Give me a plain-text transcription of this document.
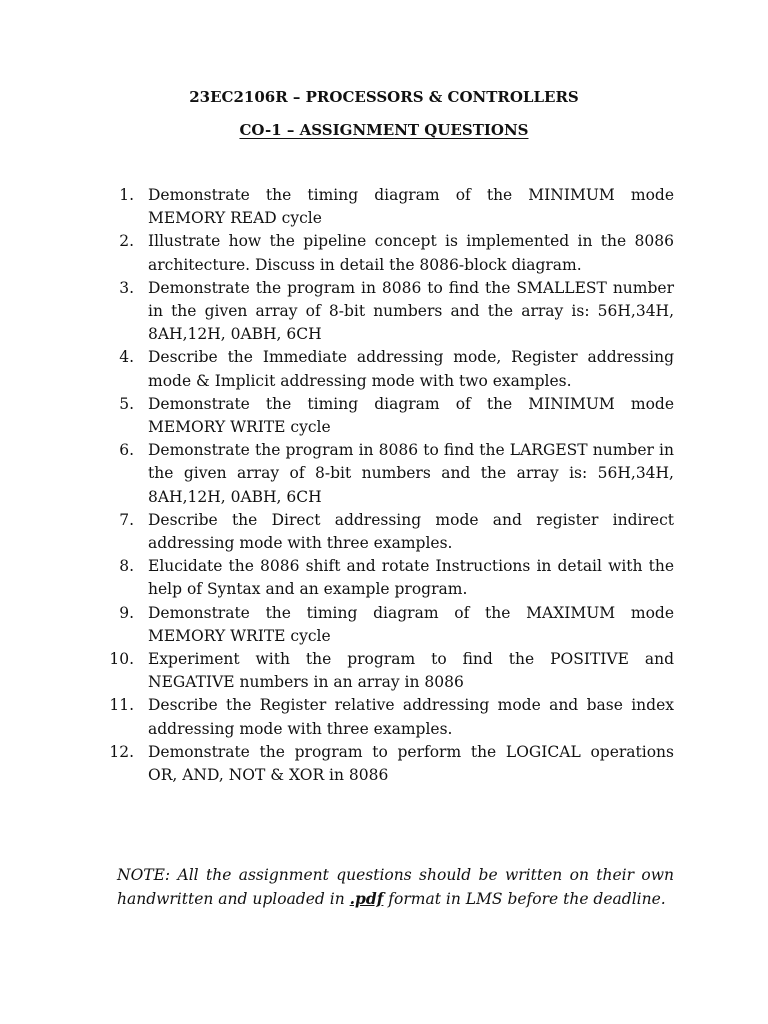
23EC2106R – PROCESSORS & CONTROLLERS
CO-1 – ASSIGNMENT QUESTIONS
1. Demonstrate the timing diagram of the MINIMUM mode MEMORY READ cycle
2. Illustrate how the pipeline concept is implemented in the 8086 architecture. Discuss in detail the 8086-block diagram.
3. Demonstrate the program in 8086 to find the SMALLEST number in the given array of 8-bit numbers and the array is: 56H,34H, 8AH,12H, 0ABH, 6CH
4. Describe the Immediate addressing mode, Register addressing mode & Implicit addressing mode with two examples.
5. Demonstrate the timing diagram of the MINIMUM mode MEMORY WRITE cycle
6. Demonstrate the program in 8086 to find the LARGEST number in the given array of 8-bit numbers and the array is: 56H,34H, 8AH,12H, 0ABH, 6CH
7. Describe the Direct addressing mode and register indirect addressing mode with three examples.
8. Elucidate the 8086 shift and rotate Instructions in detail with the help of Syntax and an example program.
9. Demonstrate the timing diagram of the MAXIMUM mode MEMORY WRITE cycle
10. Experiment with the program to find the POSITIVE and NEGATIVE numbers in an array in 8086
11. Describe the Register relative addressing mode and base index addressing mode with three examples.
12. Demonstrate the program to perform the LOGICAL operations OR, AND, NOT & XOR in 8086
NOTE: All the assignment questions should be written on their own handwritten and uploaded in .pdf format in LMS before the deadline.
